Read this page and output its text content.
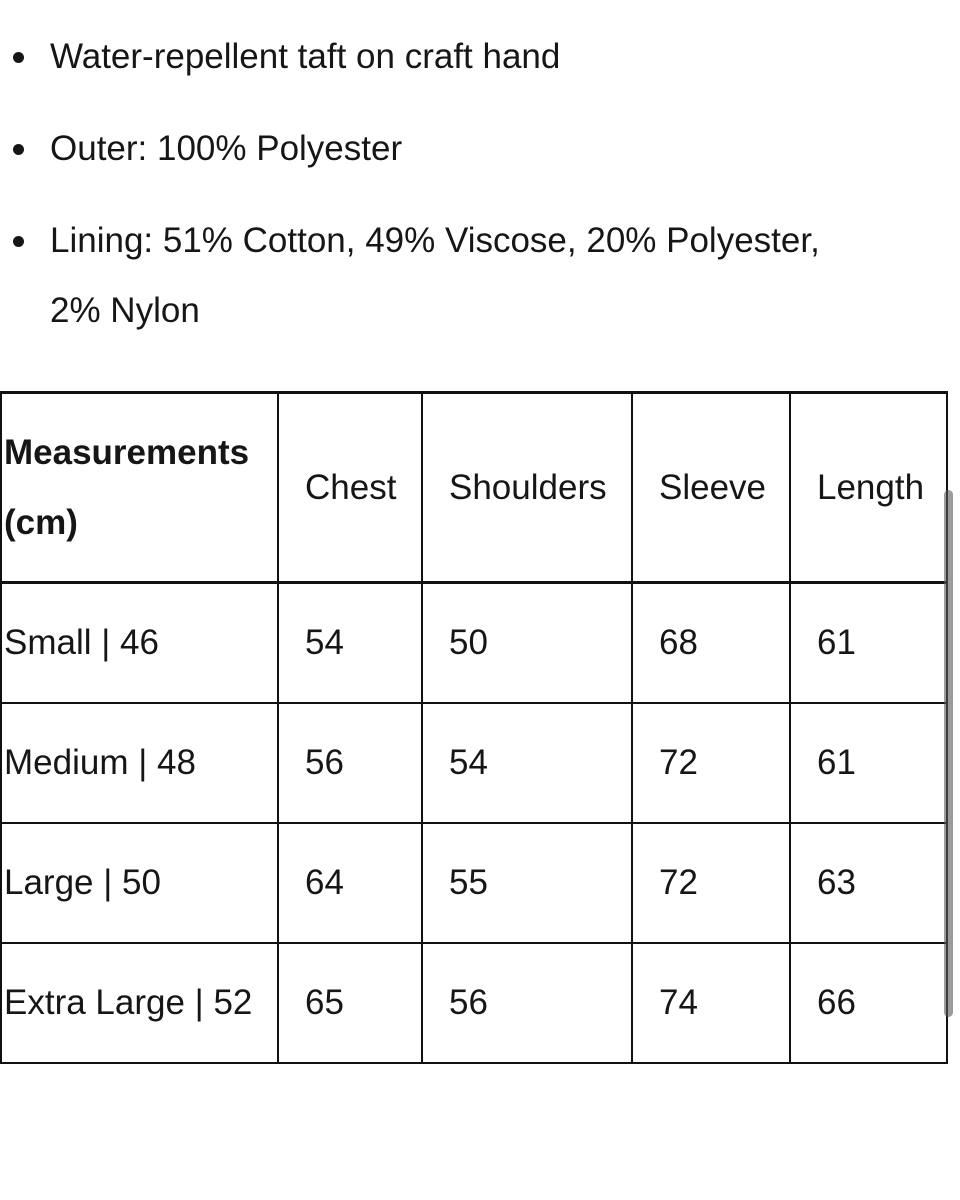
Water-repellent taft on craft hand
Outer: 100% Polyester
Lining: 51% Cotton, 49% Viscose, 20% Polyester, 2% Nylon
Measurements (cm)	Chest	Shoulders	Sleeve	Length
Small | 46	54	50	68	61
Medium | 48	56	54	72	61
Large | 50	64	55	72	63
Extra Large | 52	65	56	74	66
